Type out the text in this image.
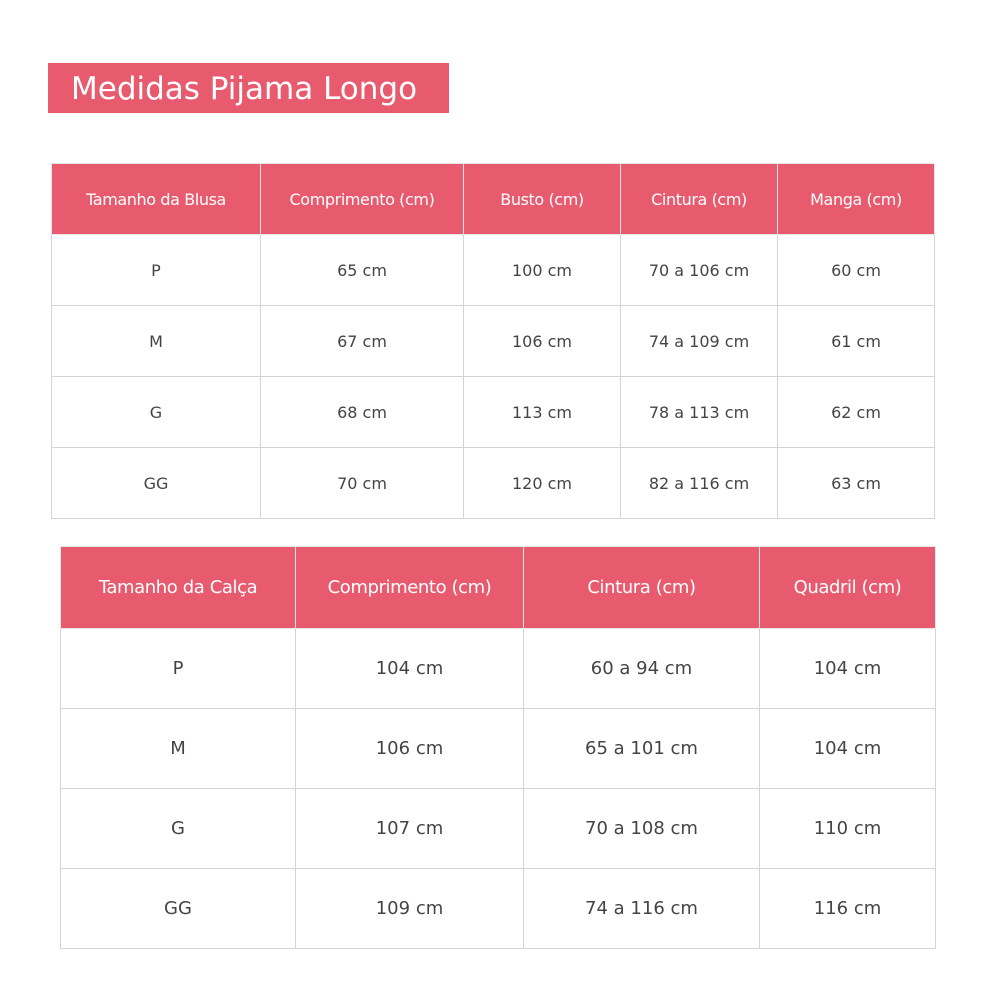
Medidas Pijama Longo
Tamanho da Blusa	Comprimento (cm)	Busto (cm)	Cintura (cm)	Manga (cm)
P	65 cm	100 cm	70 a 106 cm	60 cm
M	67 cm	106 cm	74 a 109 cm	61 cm
G	68 cm	113 cm	78 a 113 cm	62 cm
GG	70 cm	120 cm	82 a 116 cm	63 cm
Tamanho da Calça	Comprimento (cm)	Cintura (cm)	Quadril (cm)
P	104 cm	60 a 94 cm	104 cm
M	106 cm	65 a 101 cm	104 cm
G	107 cm	70 a 108 cm	110 cm
GG	109 cm	74 a 116 cm	116 cm
